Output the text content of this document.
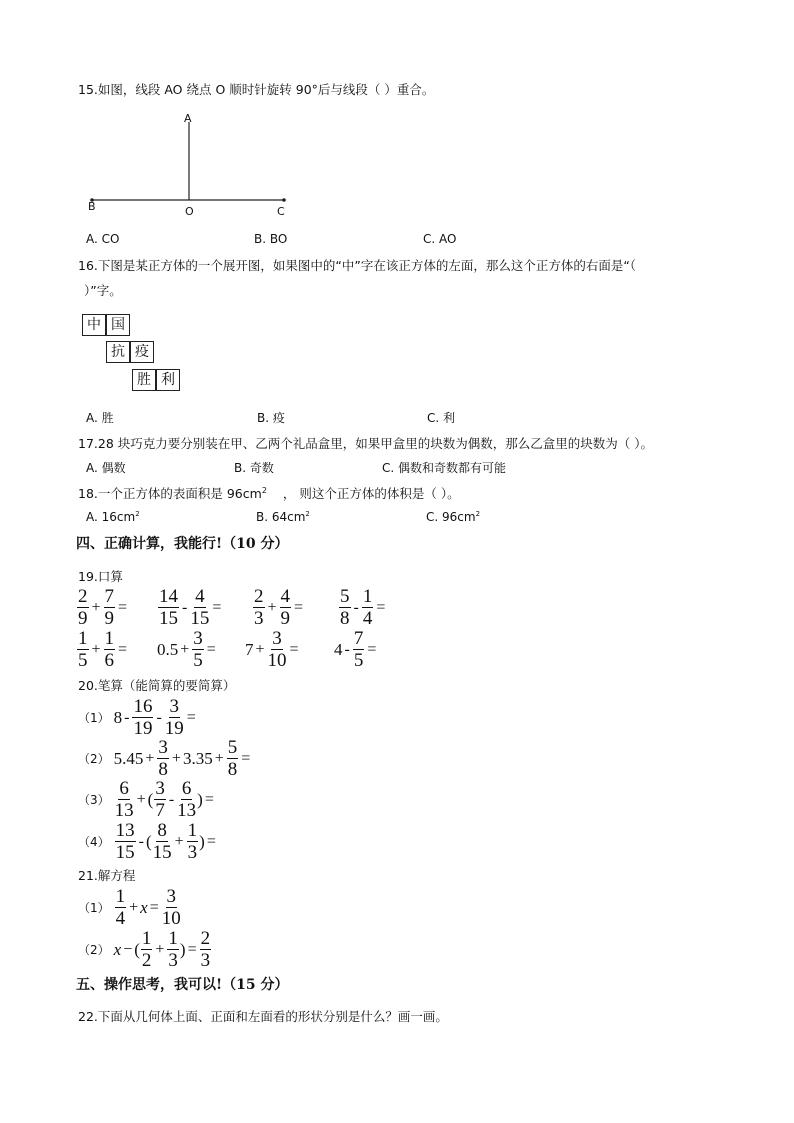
15.如图，线段 AO 绕点 O 顺时针旋转 90°后与线段（ ）重合。
A
B	O	C
A. CO	B. BO	C. AO
16.下图是某正方体的一个展开图，如果图中的“中”字在该正方体的左面，那么这个正方体的右面是“（
）”字。
中 国
抗 疫
胜 利
A. 胜	B. 疫	C. 利
17.28 块巧克力要分别装在甲、乙两个礼品盒里，如果甲盒里的块数为偶数，那么乙盒里的块数为（ ）。
A. 偶数	B. 奇数	C. 偶数和奇数都有可能
18.一个正方体的表面积是 $96cm^2$ ， 则这个正方体的体积是（ ）。
A. $16cm^2$	B. $64cm^2$	C. $96cm^2$
四、正确计算，我能行!（10 分）
19.口算
$\frac{2}{9} + \frac{7}{9} = \frac{14}{15} - \frac{4}{15} = \frac{2}{3} + \frac{4}{9} = \frac{5}{8} - \frac{1}{4}$ =
$\frac{1}{5} + \frac{1}{6} = 0.5 + \frac{3}{5} = 7 + \frac{3}{10} = 4 - \frac{7}{5}$ =
20.笔算（能简算的要简算）
（1） $8 - \frac{16}{19} - \frac{3}{19}$ =
（2） $5.45 + \frac{3}{8} + 3.35 + \frac{5}{8}$ =
$(3) \frac{6}{13}$ + ( $\frac{3}{7} - \frac{6}{13}$ ) =
$(4) \frac{13}{15}$ - ( $\frac{8}{15} + \frac{1}{3}$ ) =
21.解方程
$(1) \frac{1}{4} + x = \frac{3}{10}$
（2） x − ( $\frac{1}{2} + \frac{1}{3}$ ) = $\frac{2}{3}$
五、操作思考，我可以!（15 分）
22.下面从几何体上面、正面和左面看的形状分别是什么？画一画。
